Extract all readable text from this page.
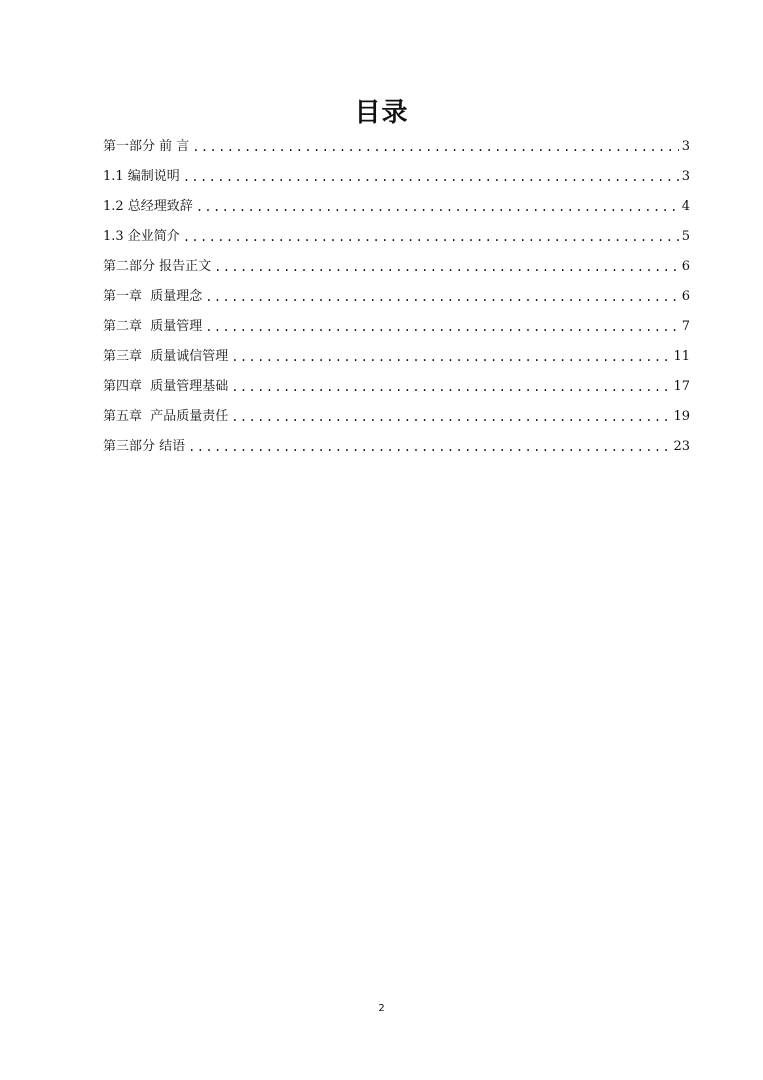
目录
第一部分 前 言 .....	3
1.1 编制说明 .....	3
1.2 总经理致辞 .....	4
1.3 企业简介 .....	5
第二部分 报告正文 .....	6
第一章  质量理念 .....	6
第二章  质量管理 .....	7
第三章  质量诚信管理 .....	11
第四章  质量管理基础 .....	17
第五章  产品质量责任 .....	19
第三部分 结语 .....	23
2
